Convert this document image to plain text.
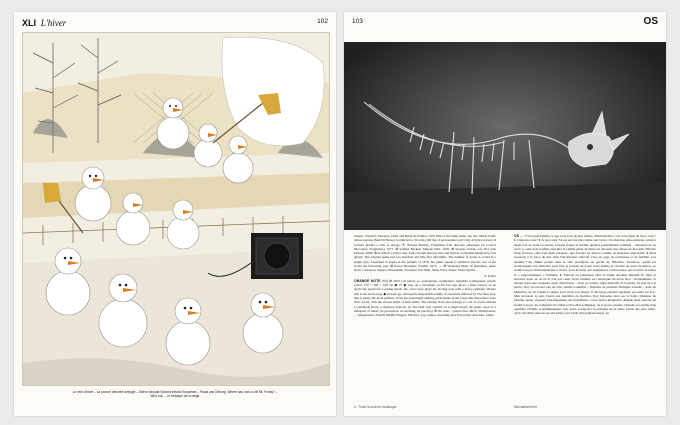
XLI L'hiver	102
Le vent d'hiver – La pauvre dévorée aveugle – Sierra Nevada Victoria Ireland Snowman – Paula van Geburg. Where has rock-n-roll Mr. Frosty? – Who out-… le musique de la neige
103	OS

namely Vincent's Theories, 1940, and Brian de Palma's 1975 film of the same name, but also Marie Jarlie, whose heroine (Mel Di Heave) is addicted to Vicodin (100 mg of paracetamol and 5 mg of hydrocodone). ♦ Jackie's phobia a lack of energy. ✈ Roland Barthes, Fragments d'un discours amoureux (A Lover's Discourse: Fragments), 1977. ⊗ Samuel Beckett, Malone Dies, 1956. ⊗ Jacques Jouvet, Les Tics d'un Idolater, 2008. ⊗ In which a yellow disc with a mouth devours dots and fruit in a labyrinth haunted by four ghosts. The original game had two hundred and fifty-five labyrinths. The number of levels is coded in a single byte. Launched in Japan in the autumn of 1979, the game spread to America and the rest of the world the following year. ⊗ Pascal Bruckner, Fuitant, 1975. → ⊛ Wounded Heart of Rebellion, amis, hosts, collection, magics, Moonshine, Nowhere, Pac-Man, Same Voice Times, Street Spirits.

Y. Tenret

ORANGE NOTE (fm) ⊕ 2013 (oil paint), n., polystyrene, synthesizer, amplifier loudspeaker, plastic carrot. 170 × 160 × 160 cm ◆ 27 ◆ Sep. At a snowman on his last legs gives a final concert on an electronic keyboard. Lacking hands, the carrot nose plays the closing note with a heavy synthetic vibrato that is his swan song. ◆ Genealogy: Among the improbable family of snowmen fathered by The Nuit Guy, this is surely the most pathetic. Even the perpetually melting participants in the Large Decomposition were more jovial, with the eternal smile of their skulls. The Orange Note also belongs to a set of works entitled La méthode Roux, a mythical exercise by The Nuit Guy centred on a single motif, the piano, used as a metaphor of music (or perception, its teaching, its practice). ⊕ Do Juan – 'pixels' new, MUS, Villeurbanne, → imagination, Double Middle Fingers, Phrenics, pop culture, Reaching Out Toward the Absolute, vanity.

OS — "C'est quand même ce que vous avez de plus intime, d'imbécillable, c'est votre ligne de force, non?" ♦ Clignotte-vous? ♦ À quoi répà J'ai est un fois plus solide que l'acier. Un matériau ultra-résistant, réduit à néant lors de notre occasions, lorsque frappé la terrible quelque partiellement sommeil – dévouées de ne verre 's, celle dont souffert peut-être la vieillie géant de Nam son descente des suisses de moi émi. Histoire d'une fracture, celle d'un myth essayiste, une fracture en surface comme en épaisseur temporelle. ♦ Mais revenons à la force du dur, dans l'inconscient collectif. Cinq en gage de robustesse et de fiabilité. Ces qualités l'ont même promu dans le rôle protégiens du garant de l'Histoire. Tourefois, quand les archéologues s'en défectent pour tirer le portrait du passé votre établie la vivacité de notre évolution. Le Gentil Garçon l'instrumentalise à revers, pour inventer des expériences contre-nature que traverse le temps et « rapprochement » l'informe. ♦ Entrons en présentant dans la bande dessinée intitulée Et Jitter et Arroinot nous oir on ne le voit pas venir. Nous sommes en compagnie du héros Neo : incidemment, ce dernier porte une casquette ornée d'un blason – deux os croisés, signe distinctif de la pirate. Le moi en à la mode : Ray recouvrent tout un rôle comme Cathédral – l'histoire au présents d'intrigue actuelle – dans un Makilvee, un en faisant la queue pour avoir son burger. Il décraque pendant quelques secondes sur Pac-Man devenant le sien, fourré aux fantômes en marches. Roy fantasme alors sur la boîte crânienne du fantôme jaune, claquant frénétiquement des mandibules. Cette fusion imaginaire désigne deux oeuvres du Gentil Garçon, les sculptures Pac-Man et Pac-Man (chimère), où la proto-créature virtuelle accouchée d'un squelette crédible scientifiquement. Une autre extrapole l'os-crâniens de la petite bande des jeux vidéo, qu'il concrétise dans un second temps avec l'aide d'un paléontologue, en

à · Toute la science fantasque	Minimalisme/Art
